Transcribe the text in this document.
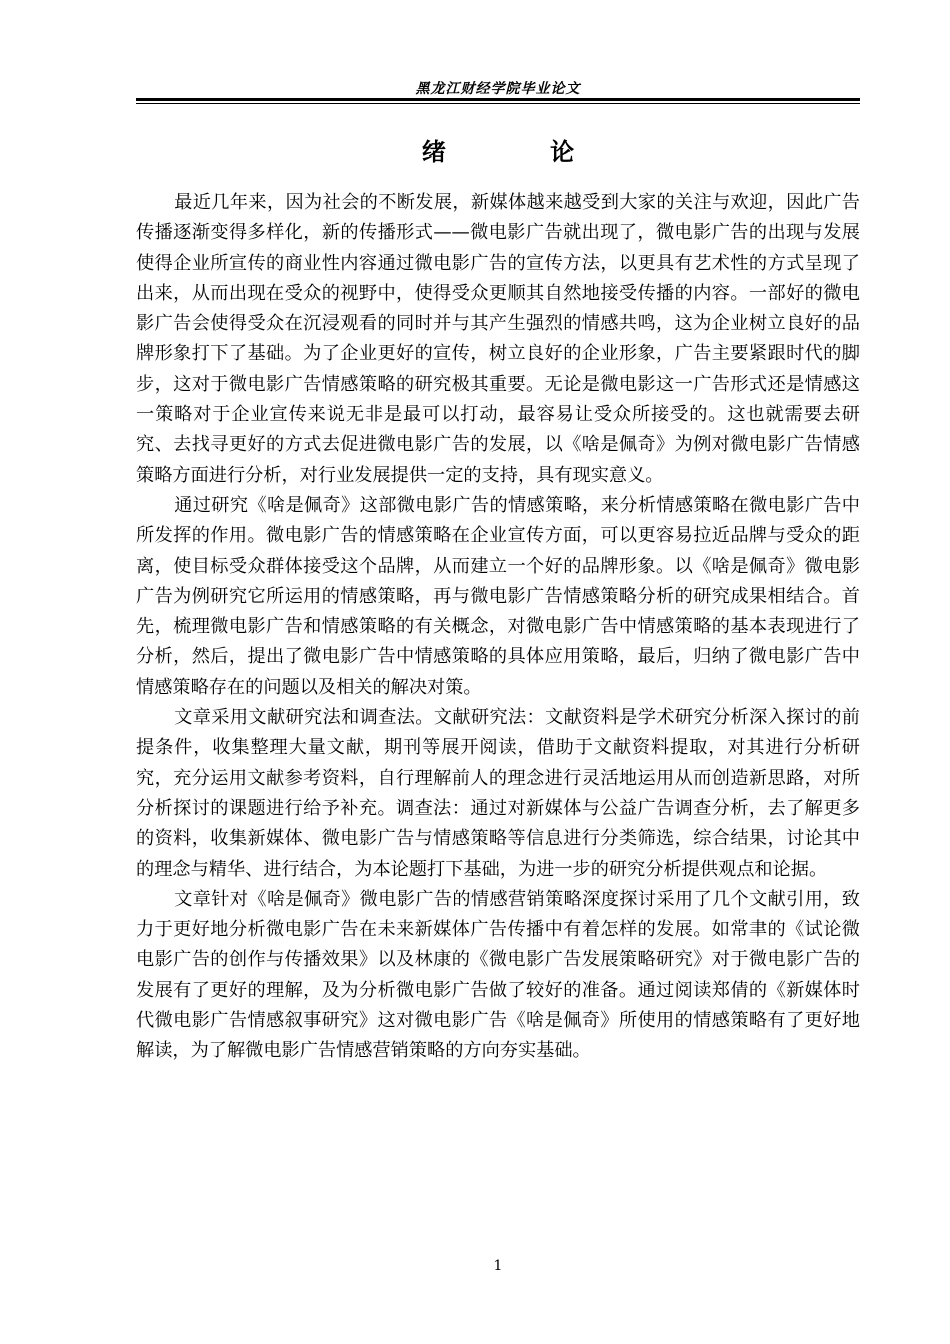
黑龙江财经学院毕业论文
绪 论

最近几年来，因为社会的不断发展，新媒体越来越受到大家的关注与欢迎，因此广告传播逐渐变得多样化，新的传播形式——微电影广告就出现了，微电影广告的出现与发展使得企业所宣传的商业性内容通过微电影广告的宣传方法，以更具有艺术性的方式呈现了出来，从而出现在受众的视野中，使得受众更顺其自然地接受传播的内容。一部好的微电影广告会使得受众在沉浸观看的同时并与其产生强烈的情感共鸣，这为企业树立良好的品牌形象打下了基础。为了企业更好的宣传，树立良好的企业形象，广告主要紧跟时代的脚步，这对于微电影广告情感策略的研究极其重要。无论是微电影这一广告形式还是情感这一策略对于企业宣传来说无非是最可以打动，最容易让受众所接受的。这也就需要去研究、去找寻更好的方式去促进微电影广告的发展，以《啥是佩奇》为例对微电影广告情感策略方面进行分析，对行业发展提供一定的支持，具有现实意义。

通过研究《啥是佩奇》这部微电影广告的情感策略，来分析情感策略在微电影广告中所发挥的作用。微电影广告的情感策略在企业宣传方面，可以更容易拉近品牌与受众的距离，使目标受众群体接受这个品牌，从而建立一个好的品牌形象。以《啥是佩奇》微电影广告为例研究它所运用的情感策略，再与微电影广告情感策略分析的研究成果相结合。首先，梳理微电影广告和情感策略的有关概念，对微电影广告中情感策略的基本表现进行了分析，然后，提出了微电影广告中情感策略的具体应用策略，最后，归纳了微电影广告中情感策略存在的问题以及相关的解决对策。

文章采用文献研究法和调查法。文献研究法：文献资料是学术研究分析深入探讨的前提条件，收集整理大量文献，期刊等展开阅读，借助于文献资料提取，对其进行分析研究，充分运用文献参考资料，自行理解前人的理念进行灵活地运用从而创造新思路，对所分析探讨的课题进行给予补充。调查法：通过对新媒体与公益广告调查分析，去了解更多的资料，收集新媒体、微电影广告与情感策略等信息进行分类筛选，综合结果，讨论其中的理念与精华、进行结合，为本论题打下基础，为进一步的研究分析提供观点和论据。

文章针对《啥是佩奇》微电影广告的情感营销策略深度探讨采用了几个文献引用，致力于更好地分析微电影广告在未来新媒体广告传播中有着怎样的发展。如常聿的《试论微电影广告的创作与传播效果》以及林康的《微电影广告发展策略研究》对于微电影广告的发展有了更好的理解，及为分析微电影广告做了较好的准备。通过阅读郑倩的《新媒体时代微电影广告情感叙事研究》这对微电影广告《啥是佩奇》所使用的情感策略有了更好地解读，为了解微电影广告情感营销策略的方向夯实基础。

1
